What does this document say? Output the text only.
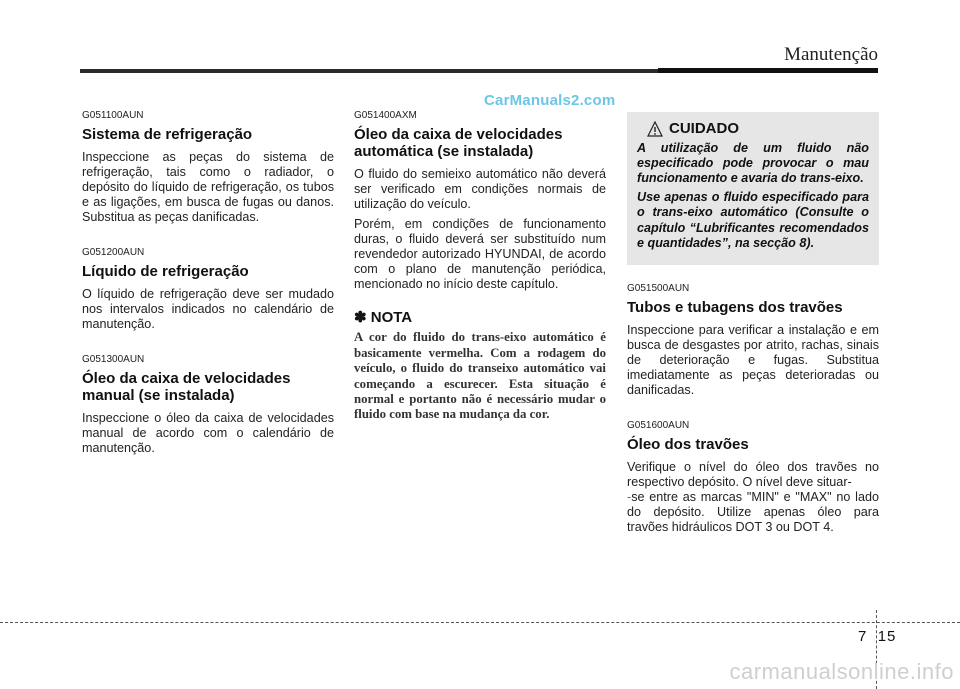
Manutenção
CarManuals2.com
G051100AUN
Sistema de refrigeração

Inspeccione as peças do sistema de refrigeração, tais como o radiador, o depósito do líquido de refrigeração, os tubos e as ligações, em busca de fugas ou danos. Substitua as peças danificadas.

G051200AUN
Líquido de refrigeração

O líquido de refrigeração deve ser mudado nos intervalos indicados no calendário de manutenção.

G051300AUN
Óleo da caixa de velocidades manual (se instalada)

Inspeccione o óleo da caixa de velocidades manual de acordo com o calendário de manutenção.

G051400AXM
Óleo da caixa de velocidades automática (se instalada)

O fluido do semieixo automático não deverá ser verificado em condições normais de utilização do veículo.

Porém, em condições de funcionamento duras, o fluido deverá ser substituído num revendedor autorizado HYUNDAI, de acordo com o plano de manutenção periódica, mencionado no início deste capítulo.

✽ NOTA

A cor do fluido do trans-eixo automático é basicamente vermelha. Com a rodagem do veículo, o fluido do transeixo automático vai começando a escurecer. Esta situação é normal e portanto não é necessário mudar o fluido com base na mudança da cor.

CUIDADO

A utilização de um fluido não especificado pode provocar o mau funcionamento e avaria do trans-eixo.

Use apenas o fluido especificado para o trans-eixo automático (Consulte o capítulo “Lubrificantes recomendados e quantidades”, na secção 8).

G051500AUN
Tubos e tubagens dos travões

Inspeccione para verificar a instalação e em busca de desgastes por atrito, rachas, sinais de deterioração e fugas. Substitua imediatamente as peças deterioradas ou danificadas.

G051600AUN
Óleo dos travões

Verifique o nível do óleo dos travões no respectivo depósito. O nível deve situar-
-se entre as marcas "MIN" e "MAX" no lado do depósito. Utilize apenas óleo para travões hidráulicos DOT 3 ou DOT 4.

7 15
carmanualsonline.info
